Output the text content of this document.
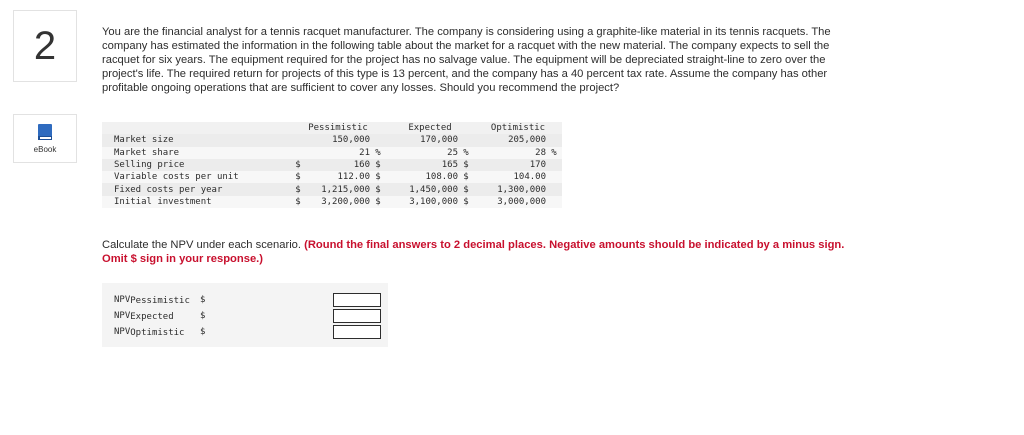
2
eBook

You are the financial analyst for a tennis racquet manufacturer. The company is considering using a graphite-like material in its tennis racquets. The company has estimated the information in the following table about the market for a racquet with the new material. The company expects to sell the racquet for six years. The equipment required for the project has no salvage value. The equipment will be depreciated straight-line to zero over the project's life. The required return for projects of this type is 13 percent, and the company has a 40 percent tax rate. Assume the company has other profitable ongoing operations that are sufficient to cover any losses. Should you recommend the project?

	Pessimistic			Expected		Optimistic	
Market size		150,000		170,000		205,000	
Market share		21	%	25	%	28	%
Selling price	$	160	$	165	$	170	
Variable costs per unit	$	112.00	$	108.00	$	104.00	
Fixed costs per year	$	1,215,000	$	1,450,000	$	1,300,000	
Initial investment	$	3,200,000	$	3,100,000	$	3,000,000	

Calculate the NPV under each scenario. (Round the final answers to 2 decimal places. Negative amounts should be indicated by a minus sign. Omit $ sign in your response.)

$NPV_{Pessimistic}$ $
$NPV_{Expected}$	$
$NPV_{Optimistic}$ $
